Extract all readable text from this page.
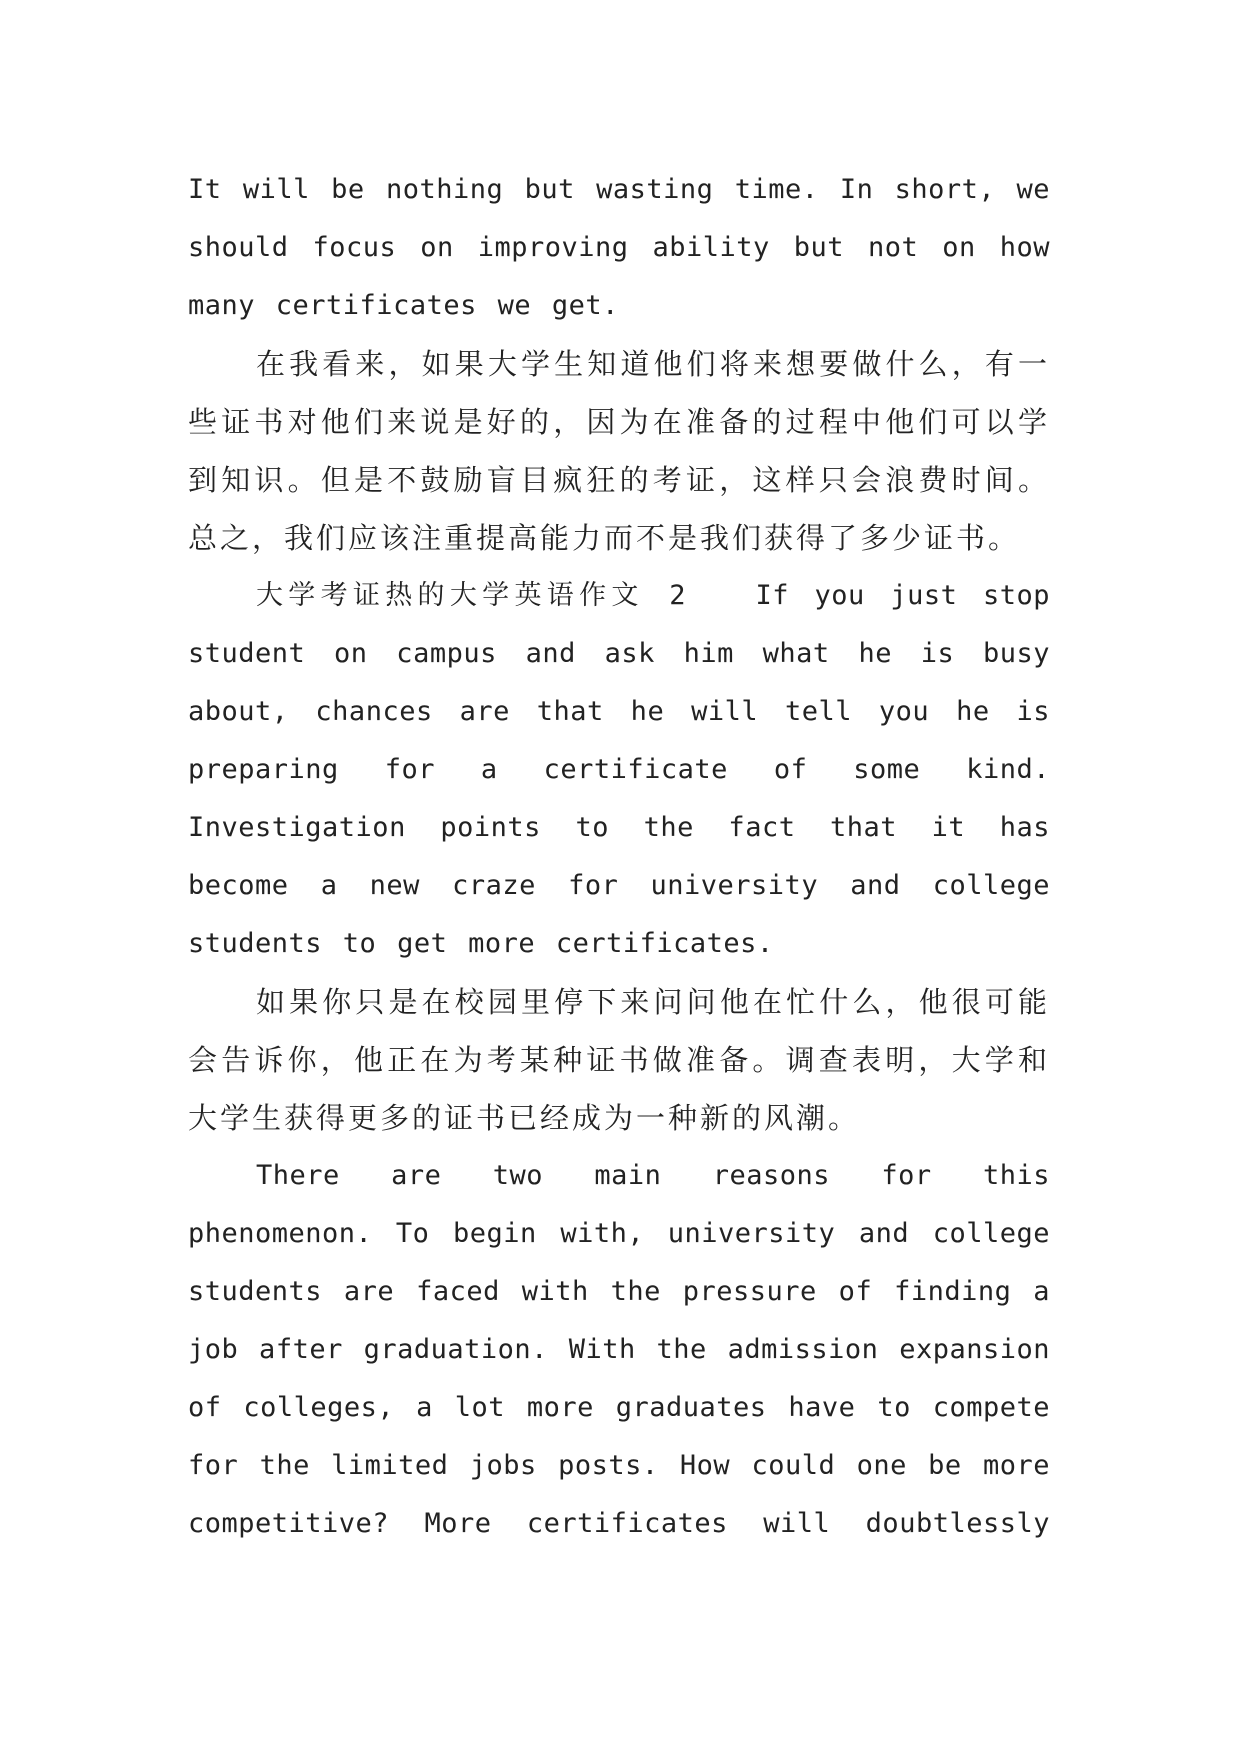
It will be nothing but wasting time. In short, we should focus on improving ability but not on how many certificates we get.

在我看来，如果大学生知道他们将来想要做什么，有一些证书对他们来说是好的，因为在准备的过程中他们可以学到知识。但是不鼓励盲目疯狂的考证，这样只会浪费时间。总之，我们应该注重提高能力而不是我们获得了多少证书。

大学考证热的大学英语作文 2　　If you just stop student on campus and ask him what he is busy about, chances are that he will tell you he is preparing for a certificate of some kind. Investigation points to the fact that it has become a new craze for university and college students to get more certificates.

如果你只是在校园里停下来问问他在忙什么，他很可能会告诉你，他正在为考某种证书做准备。调查表明，大学和大学生获得更多的证书已经成为一种新的风潮。

There are two main reasons for this phenomenon. To begin with, university and college students are faced with the pressure of finding a job after graduation. With the admission expansion of colleges, a lot more graduates have to compete for the limited jobs posts. How could one be more competitive? More certificates will doubtlessly
